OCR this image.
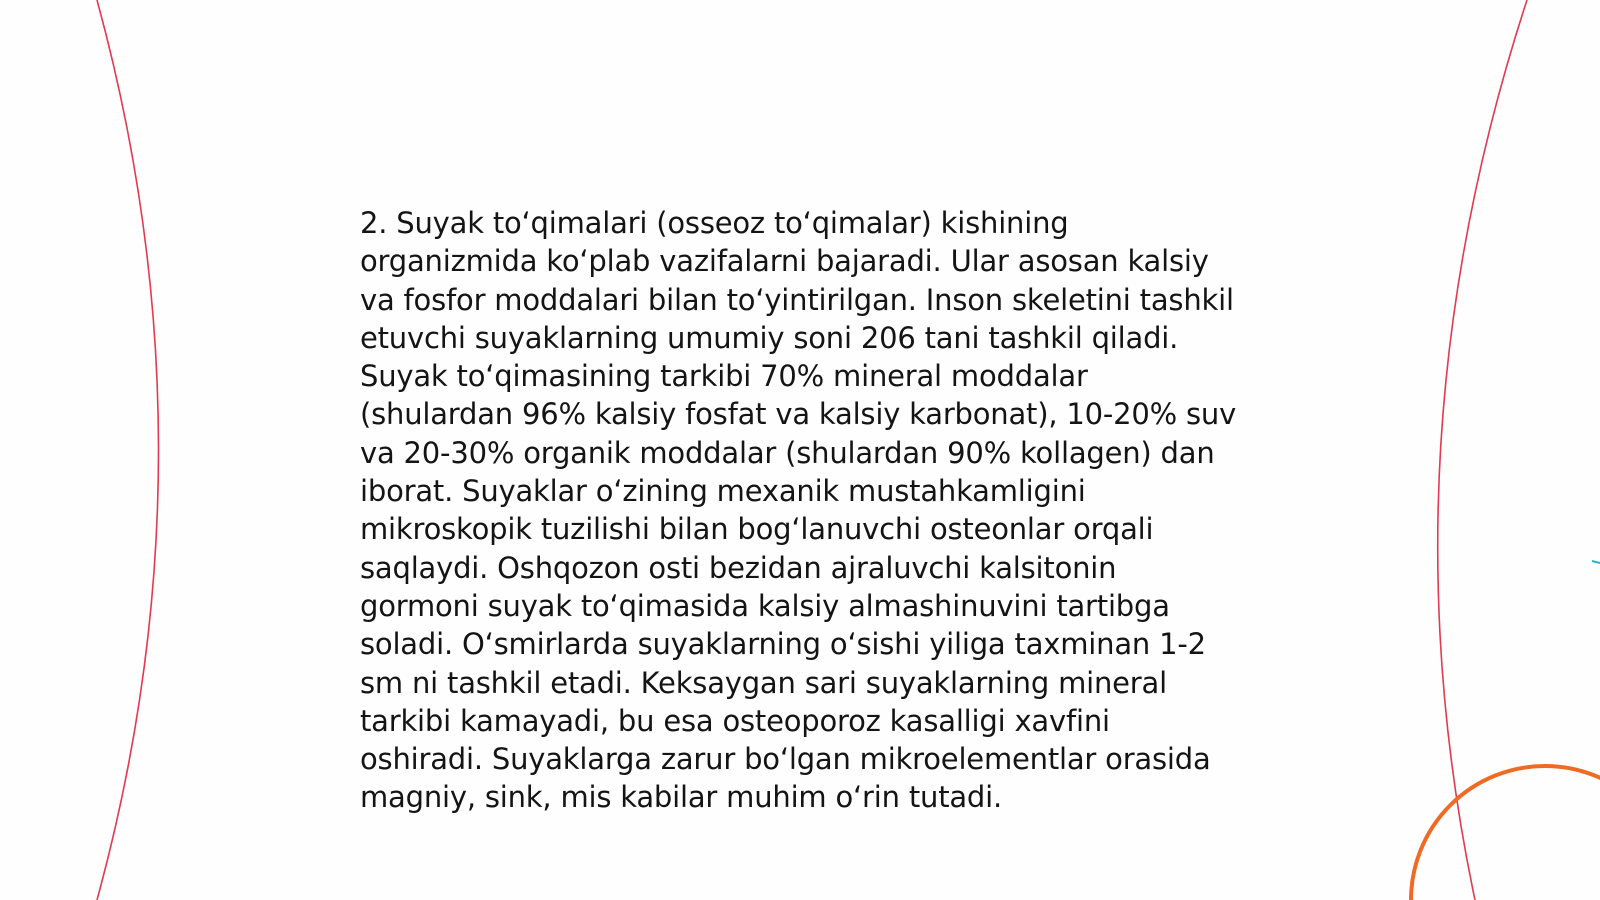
2. Suyak to‘qimalari (osseoz to‘qimalar) kishining organizmida ko‘plab vazifalarni bajaradi. Ular asosan kalsiy va fosfor moddalari bilan to‘yintirilgan. Inson skeletini tashkil etuvchi suyaklarning umumiy soni 206 tani tashkil qiladi. Suyak to‘qimasining tarkibi 70% mineral moddalar (shulardan 96% kalsiy fosfat va kalsiy karbonat), 10-20% suv va 20-30% organik moddalar (shulardan 90% kollagen) dan iborat. Suyaklar o‘zining mexanik mustahkamligini mikroskopik tuzilishi bilan bog‘lanuvchi osteonlar orqali saqlaydi. Oshqozon osti bezidan ajraluvchi kalsitonin gormoni suyak to‘qimasida kalsiy almashinuvini tartibga soladi. O‘smirlarda suyaklarning o‘sishi yiliga taxminan 1-2 sm ni tashkil etadi. Keksaygan sari suyaklarning mineral tarkibi kamayadi, bu esa osteoporoz kasalligi xavfini oshiradi. Suyaklarga zarur bo‘lgan mikroelementlar orasida magniy, sink, mis kabilar muhim o‘rin tutadi.
